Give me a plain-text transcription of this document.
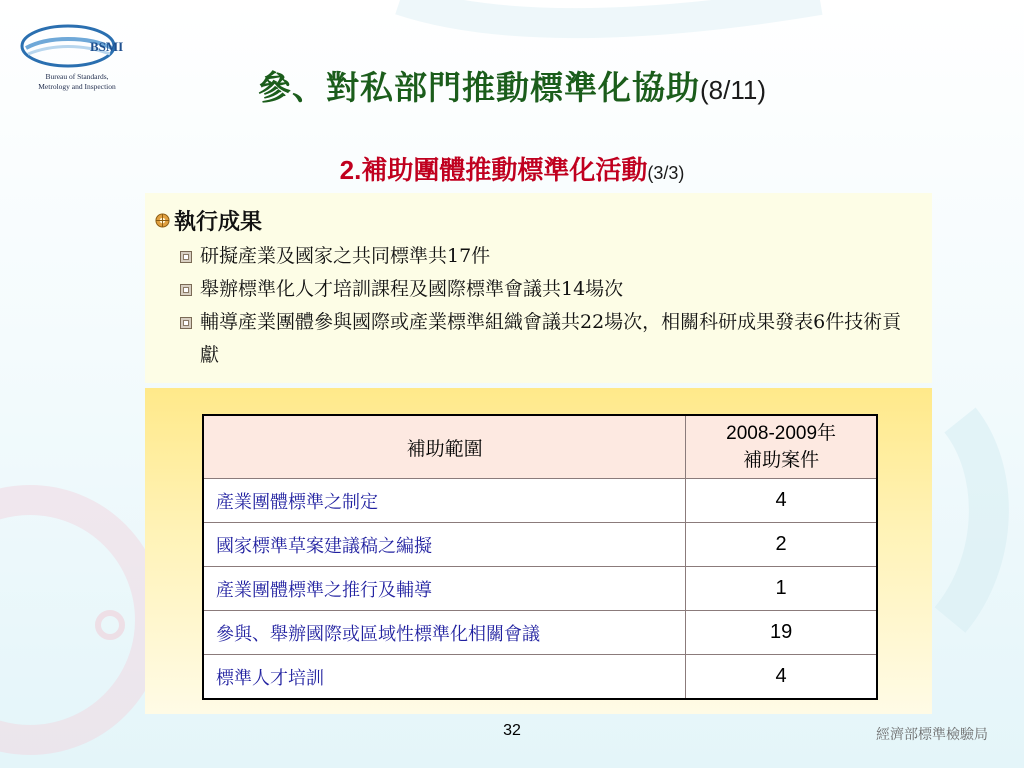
BSMI
Bureau of Standards,
Metrology and Inspection	參、對私部門推動標準化協助(8/11)
2.補助團體推動標準化活動(3/3)
執行成果
研擬產業及國家之共同標準共17件
舉辦標準化人才培訓課程及國際標準會議共14場次
輔導產業團體參與國際或產業標準組織會議共22場次，相關科研成果發表6件技術貢獻
補助範圍	2008-2009年
補助案件

產業團體標準之制定	4
國家標準草案建議稿之編擬	2
產業團體標準之推行及輔導	1
參與、舉辦國際或區域性標準化相關會議	19
標準人才培訓	4
32	經濟部標準檢驗局
